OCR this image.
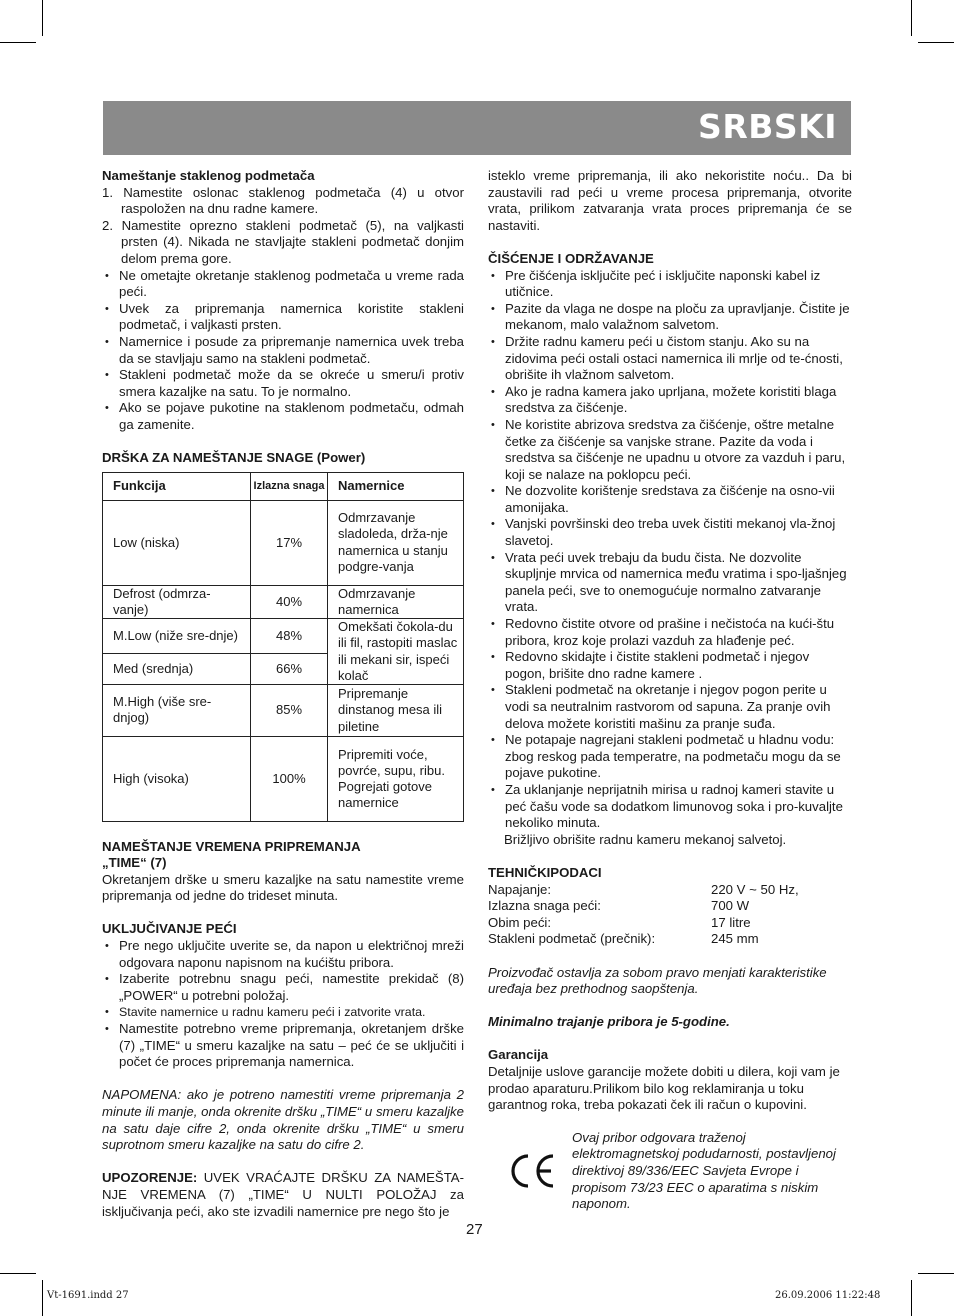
SRBSKI

Nameštanje staklenog podmetača

1. Namestite oslonac staklenog podmetača (4) u otvor raspoložen na dnu radne kamere.

2. Namestite oprezno stakleni podmetač (5), na valjkasti prsten (4). Nikada ne stavljajte stakleni podmetač donjim delom prema gore.

• Ne ometajte okretanje staklenog podmetača u vreme rada peći.
• Uvek za pripremanja namernica koristite stakleni podmetač, i valjkasti prsten.
• Namernice i posude za pripremanje namernica uvek treba da se stavljaju samo na stakleni podmetač.
• Stakleni podmetač može da se okreće u smeru/i protiv smera kazaljke na satu. To je normalno.
• Ako se pojave pukotine na staklenom podmetaču, odmah ga zamenite.

DRŠKA ZA NAMEŠTANJE SNAGE (Power)

Funkcija	Izlazna snaga	Namernice
Low (niska)	17%	Odmrzavanje sladoleda, drža-nje namernica u stanju podgre-vanja
Defrost (odmrza-vanje)	40%	Odmrzavanje namernica
M.Low (niže sre-dnje)	48%	Omekšati čokola-du ili fil, rastopiti maslac ili mekani sir, ispeći kolač
Med (srednja)	66%	
M.High (više sre-dnjog)	85%	Pripremanje dinstanog mesa ili piletine
High (visoka)	100%	Pripremiti voće, povrće, supu, ribu. Pogrejati gotove namernice

NAMEŠTANJE VREMENA PRIPREMANJA

„TIME“ (7)

Okretanjem drške u smeru kazaljke na satu namestite vreme pripremanja od jedne do trideset minuta.

UKLJUČIVANJE PEĆI

• Pre nego uključite uverite se, da napon u električnoj mreži odgovara naponu napisnom na kućištu pribora.
• Izaberite potrebnu snagu peći, namestite prekidač (8) „POWER“ u potrebni položaj.
• Stavite namernice u radnu kameru peći i zatvorite vrata.
• Namestite potrebno vreme pripremanja, okretanjem drške (7) „TIME“ u smeru kazaljke na satu – peć će se uključiti i počet će proces pripremanja namernica.

NAPOMENA: ako je potreno namestiti vreme pripremanja 2 minute ili manje, onda okrenite dršku „TIME“ u smeru kazaljke na satu daje cifre 2, onda okrenite dršku „TIME“ u smeru suprotnom smeru kazaljke na satu do cifre 2.

UPOZORENJE: UVEK VRAĆAJTE DRŠKU ZA NAMEŠTA-NJE VREMENA (7) „TIME“ U NULTI POLOŽAJ za isključivanja peći, ako ste izvadili namernice pre nego što je

isteklo vreme pripremanja, ili ako nekoristite noću.. Da bi zaustavili rad peći u vreme procesa pripremanja, otvorite vrata, prilikom zatvaranja vrata proces pripremanja će se nastaviti.

ČIŠĆENJE I ODRŽAVANJE

• Pre čišćenja isključite peć i isključite naponski kabel iz utičnice.
• Pazite da vlaga ne dospe na ploču za upravljanje. Čistite je mekanom, malo valažnom salvetom.
• Držite radnu kameru peći u čistom stanju. Ako su na zidovima peći ostali ostaci namernica ili mrlje od te-ćnosti, obrišite ih vlažnom salvetom.
• Ako je radna kamera jako uprljana, možete koristiti blaga sredstva za čišćenje.
• Ne koristite abrizova sredstva za čišćenje, oštre metalne četke za čišćenje sa vanjske strane. Pazite da voda i sredstva sa čišćenje ne upadnu u otvore za vazduh i paru, koji se nalaze na poklopcu peći.
• Ne dozvolite korištenje sredstava za čišćenje na osno-vii amonijaka.
• Vanjski površinski deo treba uvek čistiti mekanoj vla-žnoj slavetoj.
• Vrata peći uvek trebaju da budu čista. Ne dozvolite skupljnje mrvica od namernica među vratima i spo-ljašnjeg panela peći, sve to onemogućuje normalno zatvaranje vrata.
• Redovno čistite otvore od prašine i nečistoća na kući-štu pribora, kroz koje prolazi vazduh za hlađenje peć.
• Redovno skidajte i čistite stakleni podmetač i njegov pogon, brišite dno radne kamere .
• Stakleni podmetač na okretanje i njegov pogon perite u vodi sa neutralnim rastvorom od sapuna. Za pranje ovih delova možete koristiti mašinu za pranje suđa.
• Ne potapaje nagrejani stakleni podmetač u hladnu vodu: zbog reskog pada temperatre, na podmetaču mogu da se pojave pukotine.
• Za uklanjanje neprijatnih mirisa u radnoj kameri stavite u peć čašu vode sa dodatkom limunovog soka i pro-kuvaljte nekoliko minuta.

Brižljivo obrišite radnu kameru mekanoj salvetoj.

TEHNIČKIPODACI

Napajanje:	220 V ~ 50 Hz,
Izlazna snaga peći:	700 W
Obim peći:	17 litre
Stakleni podmetač (prečnik):	245 mm

Proizvođač ostavlja za sobom pravo menjati karakteristike uređaja bez prethodnog saopštenja.

Minimalno trajanje pribora je 5-godine.

Garancija

Detaljnije uslove garancije možete dobiti u dilera, koji vam je prodao aparaturu.Prilikom bilo kog reklamiranja u toku garantnog roka, treba pokazati ček ili račun o kupovini.

Ovaj pribor odgovara traženoj elektromagnetskoj podudarnosti, postavljenoj direktivoj 89/336/EEC Savjeta Evrope i propisom 73/23 EEC o aparatima s niskim naponom.

27
Vt-1691.indd 27	26.09.2006 11:22:48
